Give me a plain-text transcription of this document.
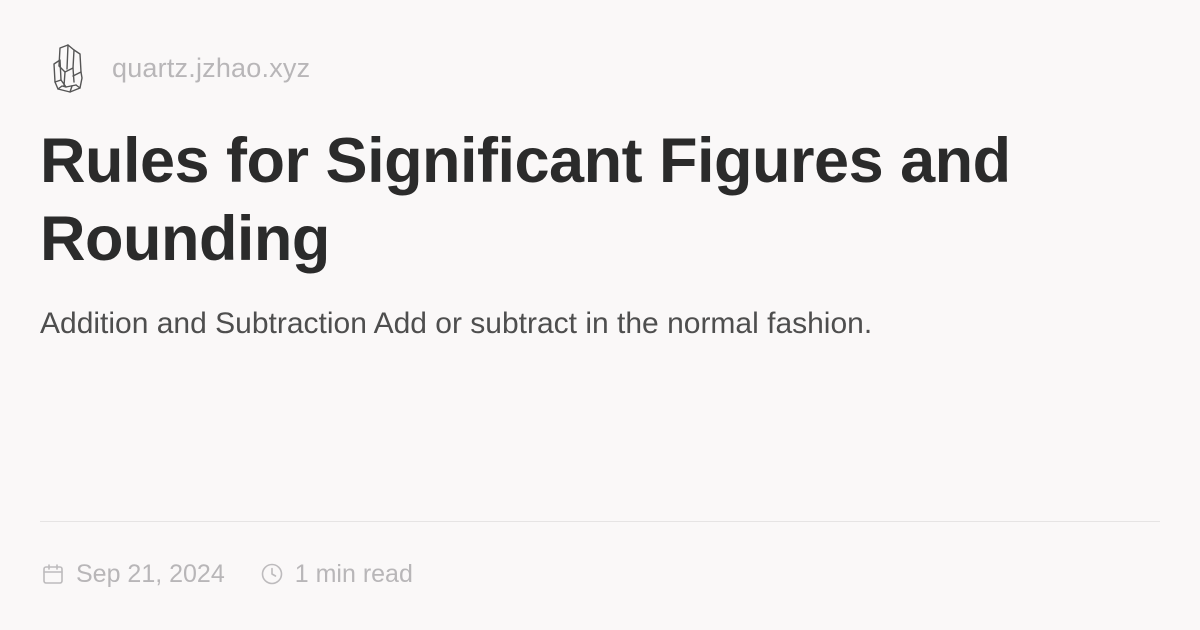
quartz.jzhao.xyz
Rules for Significant Figures and Rounding

Addition and Subtraction Add or subtract in the normal fashion.

Sep 21, 2024	1 min read
